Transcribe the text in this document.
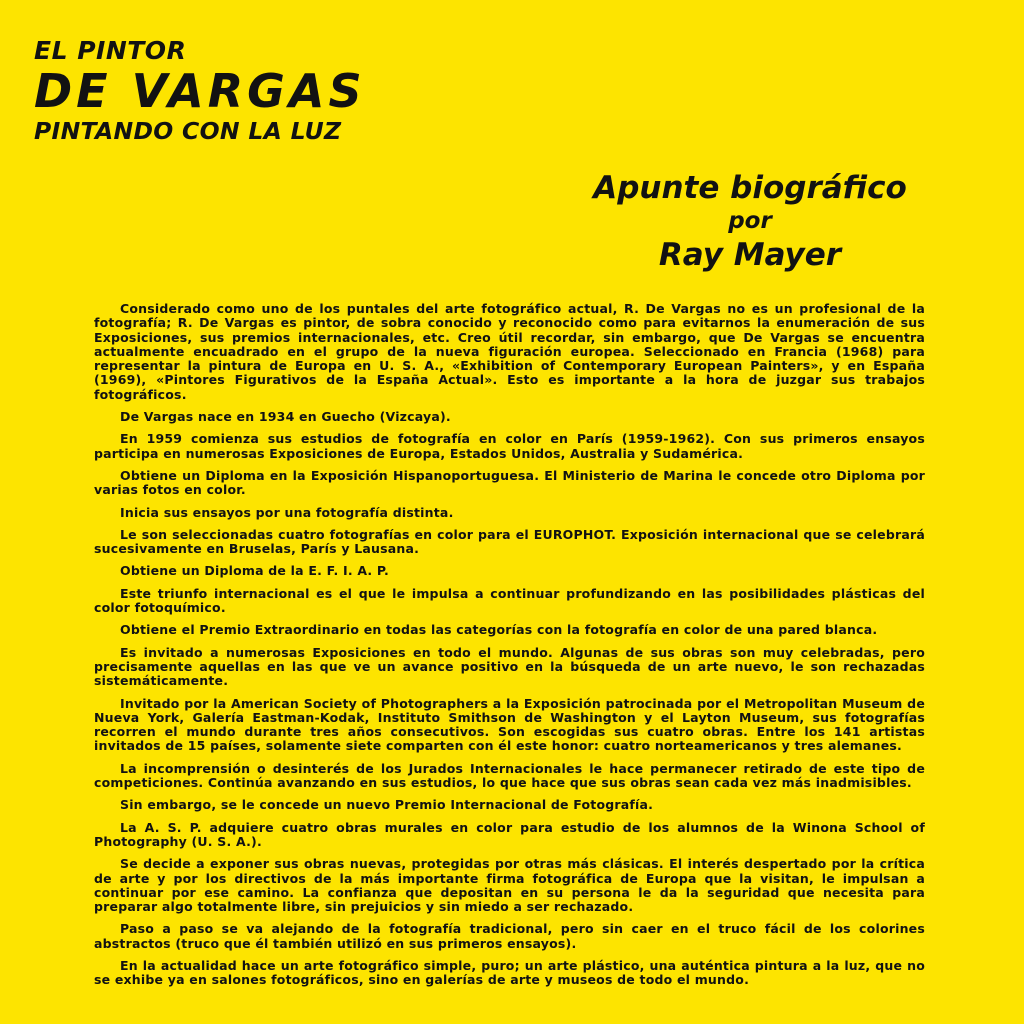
EL PINTOR
DE VARGAS
PINTANDO CON LA LUZ
Apunte biográfico
por
Ray Mayer

Considerado como uno de los puntales del arte fotográfico actual, R. De Vargas no es un profesional de la fotografía; R. De Vargas es pintor, de sobra conocido y reconocido como para evitarnos la enumeración de sus Exposiciones, sus premios internacionales, etc. Creo útil recordar, sin embargo, que De Vargas se encuentra actualmente encuadrado en el grupo de la nueva figuración europea. Seleccionado en Francia (1968) para representar la pintura de Europa en U. S. A., «Exhibition of Contemporary European Painters», y en España (1969), «Pintores Figurativos de la España Actual». Esto es importante a la hora de juzgar sus trabajos fotográficos.

De Vargas nace en 1934 en Guecho (Vizcaya).

En 1959 comienza sus estudios de fotografía en color en París (1959-1962). Con sus primeros ensayos participa en numerosas Exposiciones de Europa, Estados Unidos, Australia y Sudamérica.

Obtiene un Diploma en la Exposición Hispanoportuguesa. El Ministerio de Marina le concede otro Diploma por varias fotos en color.

Inicia sus ensayos por una fotografía distinta.

Le son seleccionadas cuatro fotografías en color para el EUROPHOT. Exposición internacional que se celebrará sucesivamente en Bruselas, París y Lausana.

Obtiene un Diploma de la E. F. I. A. P.

Este triunfo internacional es el que le impulsa a continuar profundizando en las posibilidades plásticas del color fotoquímico.

Obtiene el Premio Extraordinario en todas las categorías con la fotografía en color de una pared blanca.

Es invitado a numerosas Exposiciones en todo el mundo. Algunas de sus obras son muy celebradas, pero precisamente aquellas en las que ve un avance positivo en la búsqueda de un arte nuevo, le son rechazadas sistemáticamente.

Invitado por la American Society of Photographers a la Exposición patrocinada por el Metropolitan Museum de Nueva York, Galería Eastman-Kodak, Instituto Smithson de Washington y el Layton Museum, sus fotografías recorren el mundo durante tres años consecutivos. Son escogidas sus cuatro obras. Entre los 141 artistas invitados de 15 países, solamente siete comparten con él este honor: cuatro norteamericanos y tres alemanes.

La incomprensión o desinterés de los Jurados Internacionales le hace permanecer retirado de este tipo de competiciones. Continúa avanzando en sus estudios, lo que hace que sus obras sean cada vez más inadmisibles.

Sin embargo, se le concede un nuevo Premio Internacional de Fotografía.

La A. S. P. adquiere cuatro obras murales en color para estudio de los alumnos de la Winona School of Photography (U. S. A.).

Se decide a exponer sus obras nuevas, protegidas por otras más clásicas. El interés despertado por la crítica de arte y por los directivos de la más importante firma fotográfica de Europa que la visitan, le impulsan a continuar por ese camino. La confianza que depositan en su persona le da la seguridad que necesita para preparar algo totalmente libre, sin prejuicios y sin miedo a ser rechazado.

Paso a paso se va alejando de la fotografía tradicional, pero sin caer en el truco fácil de los colorines abstractos (truco que él también utilizó en sus primeros ensayos).

En la actualidad hace un arte fotográfico simple, puro; un arte plástico, una auténtica pintura a la luz, que no se exhibe ya en salones fotográficos, sino en galerías de arte y museos de todo el mundo.
